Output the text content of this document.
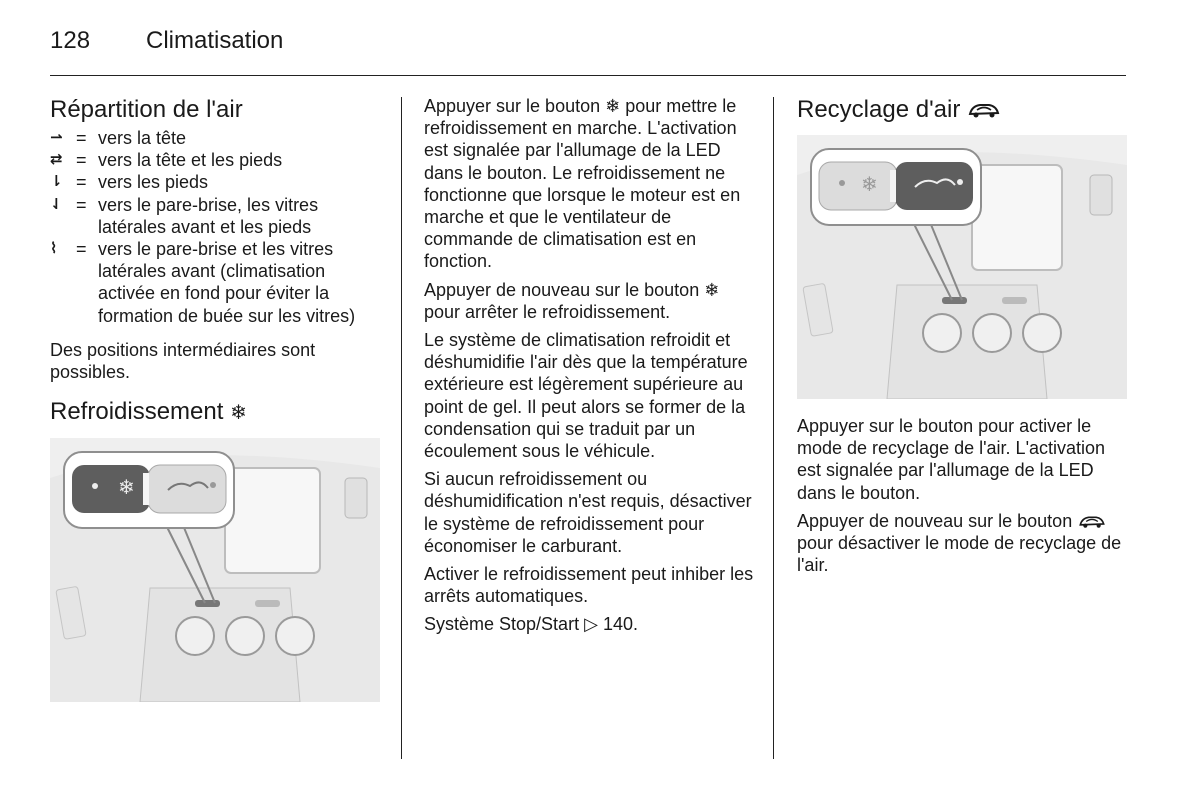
128 Climatisation
Répartition de l'air
⇀ = vers la tête
⇄ = vers la tête et les pieds
⇂ = vers les pieds
⇃ = vers le pare-brise, les vitres latérales avant et les pieds
⌇	= vers le pare-brise et les vitres latérales avant (climatisation activée en fond pour éviter la formation de buée sur les vitres)

Des positions intermédiaires sont possibles.

Refroidissement ❄
❄

Appuyer sur le bouton ❄ pour mettre le refroidissement en marche. L'activation est signalée par l'allumage de la LED dans le bouton. Le refroidissement ne fonctionne que lorsque le moteur est en marche et que le ventilateur de commande de climatisation est en fonction.

Appuyer de nouveau sur le bouton ❄ pour arrêter le refroidissement.

Le système de climatisation refroidit et déshumidifie l'air dès que la température extérieure est légèrement supérieure au point de gel. Il peut alors se former de la condensation qui se traduit par un écoulement sous le véhicule.

Si aucun refroidissement ou déshumidification n'est requis, désactiver le système de refroidissement pour économiser le carburant.

Activer le refroidissement peut inhiber les arrêts automatiques.

Système Stop/Start ▷ 140.

Recyclage d'air
❄

Appuyer sur le bouton pour activer le mode de recyclage de l'air. L'activation est signalée par l'allumage de la LED dans le bouton.

Appuyer de nouveau sur le bouton  pour désactiver le mode de recyclage de l'air.
